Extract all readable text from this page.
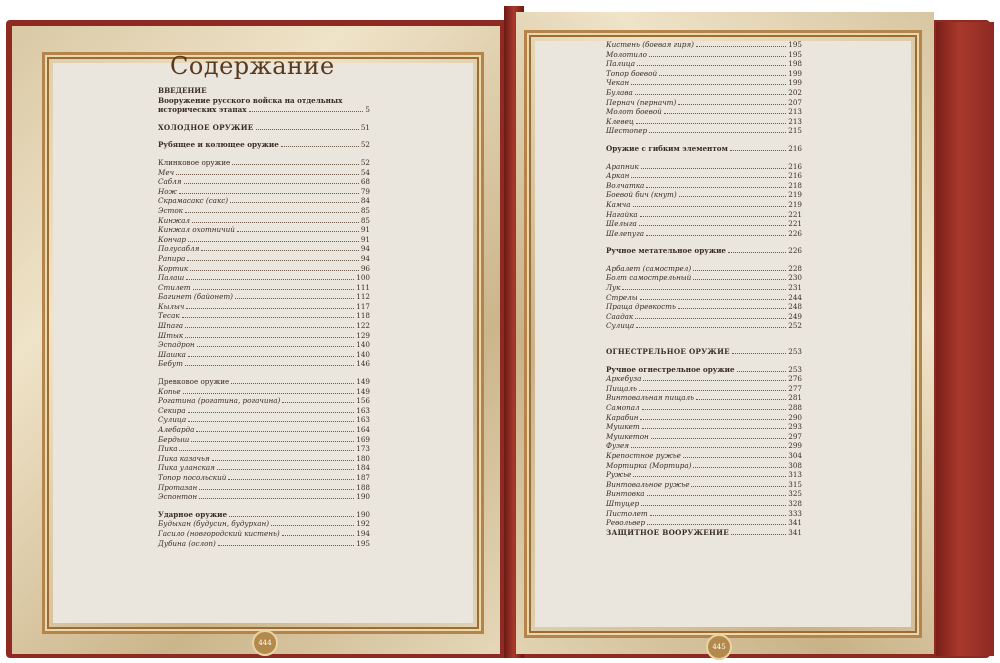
444	445
Содержание
ВВЕДЕНИЕ
Вооружение русского войска на отдельных
исторических этапах	5
ХОЛОДНОЕ ОРУЖИЕ	51
Рубящее и колющее оружие	52
Клинковое оружие	52
Меч	54
Сабля	68
Нож	79
Скрамасакс (сакс)	84
Эсток	85
Кинжал	85
Кинжал охотничий	91
Кончар	91
Полусабля	94
Рапира	94
Кортик	96
Палаш	100
Стилет	111
Багинет (байонет)	112
Кылыч	117
Тесак	118
Шпага	122
Штык	129
Эспадрон	140
Шашка	140
Бебут	146
Древковое оружие	149
Копье	149
Рогатина (рогатина, рогачина)	156
Секира	163
Сулица	163
Алебарда	164
Бердыш	169
Пика	173
Пика казачья	180
Пика уланская	184
Топор посольский	187
Протазан	188
Эспонтон	190
Ударное оружие	190
Будыхан (будусин, будурхан)	192
Гасило (новгородский кистень)	194
Дубина (ослоп)	195
Кистень (боевая гиря)	195
Молотило	195
Палица	198
Топор боевой	199
Чекан	199
Булава	202
Пернач (перначт)	207
Молот боевой	213
Клевец	213
Шестопер	215
Оружие с гибким элементом	216
Арапник	216
Аркан	216
Волчатка	218
Боевой бич (кнут)	219
Камча	219
Нагайка	221
Шелыга	221
Шелепуга	226
Ручное метательное оружие	226
Арбалет (самострел)	228
Болт самострельный	230
Лук	231
Стрелы	244
Праща древкость	248
Саадак	249
Сулица	252
ОГНЕСТРЕЛЬНОЕ ОРУЖИЕ	253
Ручное огнестрельное оружие	253
Аркебуза	276
Пищаль	277
Винтовальная пищаль	281
Самопал	288
Карабин	290
Мушкет	293
Мушкетон	297
Фузея	299
Крепостное ружье	304
Мортирка (Мортира)	308
Ружье	313
Винтовальное ружье	315
Винтовка	325
Штуцер	328
Пистолет	333
Револьвер	341
ЗАЩИТНОЕ ВООРУЖЕНИЕ	341
